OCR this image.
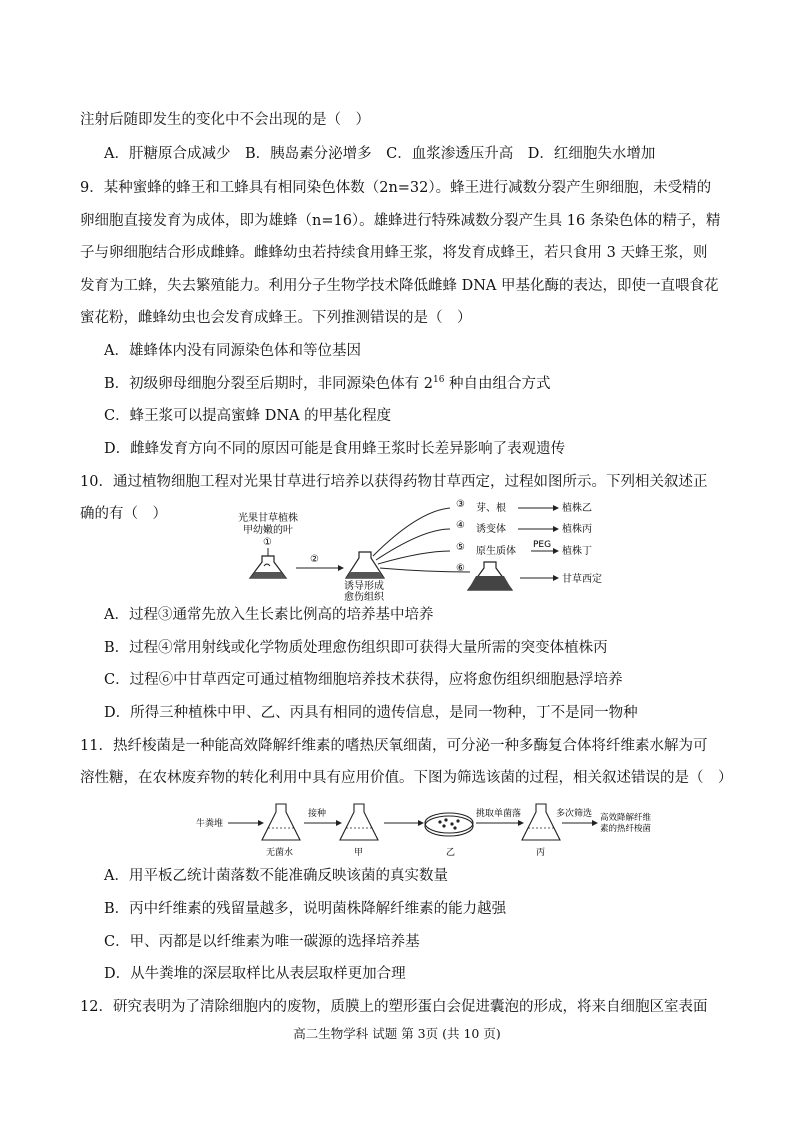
注射后随即发生的变化中不会出现的是（　）
A．肝糖原合成减少　B．胰岛素分泌增多　C．血浆渗透压升高　D．红细胞失水增加
9．某种蜜蜂的蜂王和工蜂具有相同染色体数（2n=32）。蜂王进行减数分裂产生卵细胞，未受精的
卵细胞直接发育为成体，即为雄蜂（n=16）。雄蜂进行特殊减数分裂产生具 16 条染色体的精子，精
子与卵细胞结合形成雌蜂。雌蜂幼虫若持续食用蜂王浆，将发育成蜂王，若只食用 3 天蜂王浆，则
发育为工蜂，失去繁殖能力。利用分子生物学技术降低雌蜂 DNA 甲基化酶的表达，即使一直喂食花
蜜花粉，雌蜂幼虫也会发育成蜂王。下列推测错误的是（　）
A．雄蜂体内没有同源染色体和等位基因
B．初级卵母细胞分裂至后期时，非同源染色体有 $2^{16}$ 种自由组合方式
C．蜂王浆可以提高蜜蜂 DNA 的甲基化程度
D．雌蜂发育方向不同的原因可能是食用蜂王浆时长差异影响了表观遗传
10．通过植物细胞工程对光果甘草进行培养以获得药物甘草西定，过程如图所示。下列相关叙述正
确的有（　）	光果甘草植株
甲幼嫩的叶
①
②
诱导形成
愈伤组织
③
④
⑤
⑥
芽、根
诱变体
原生质体
PEG
植株乙
植株丙
植株丁
甘草西定
A．过程③通常先放入生长素比例高的培养基中培养
B．过程④常用射线或化学物质处理愈伤组织即可获得大量所需的突变体植株丙
C．过程⑥中甘草西定可通过植物细胞培养技术获得，应将愈伤组织细胞悬浮培养
D．所得三种植株中甲、乙、丙具有相同的遗传信息，是同一物种，丁不是同一物种
11．热纤梭菌是一种能高效降解纤维素的嗜热厌氧细菌，可分泌一种多酶复合体将纤维素水解为可
溶性糖，在农林废弃物的转化利用中具有应用价值。下图为筛选该菌的过程，相关叙述错误的是（　）
牛粪堆
无菌水
接种
甲	乙
挑取单菌落
丙
多次筛选 高效降解纤维
素的热纤梭菌
A．用平板乙统计菌落数不能准确反映该菌的真实数量
B．丙中纤维素的残留量越多，说明菌株降解纤维素的能力越强
C．甲、丙都是以纤维素为唯一碳源的选择培养基
D．从牛粪堆的深层取样比从表层取样更加合理
12．研究表明为了清除细胞内的废物，质膜上的塑形蛋白会促进囊泡的形成，将来自细胞区室表面
高二生物学科 试题 第 3页 (共 10 页)
